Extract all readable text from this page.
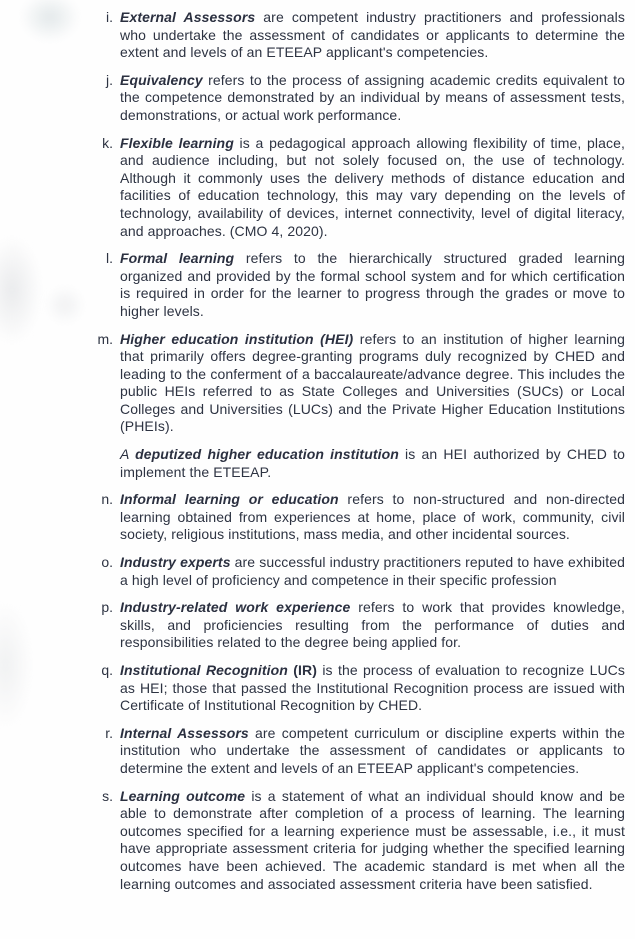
i. External Assessors are competent industry practitioners and professionals who undertake the assessment of candidates or applicants to determine the extent and levels of an ETEEAP applicant's competencies.

j. Equivalency refers to the process of assigning academic credits equivalent to the competence demonstrated by an individual by means of assessment tests, demonstrations, or actual work performance.

k. Flexible learning is a pedagogical approach allowing flexibility of time, place, and audience including, but not solely focused on, the use of technology. Although it commonly uses the delivery methods of distance education and facilities of education technology, this may vary depending on the levels of technology, availability of devices, internet connectivity, level of digital literacy, and approaches. (CMO 4, 2020).

l. Formal learning refers to the hierarchically structured graded learning organized and provided by the formal school system and for which certification is required in order for the learner to progress through the grades or move to higher levels.

m. Higher education institution (HEI) refers to an institution of higher learning that primarily offers degree-granting programs duly recognized by CHED and leading to the conferment of a baccalaureate/advance degree. This includes the public HEIs referred to as State Colleges and Universities (SUCs) or Local Colleges and Universities (LUCs) and the Private Higher Education Institutions (PHEIs).

A deputized higher education institution is an HEI authorized by CHED to implement the ETEEAP.

n. Informal learning or education refers to non-structured and non-directed learning obtained from experiences at home, place of work, community, civil society, religious institutions, mass media, and other incidental sources.

o. Industry experts are successful industry practitioners reputed to have exhibited a high level of proficiency and competence in their specific profession

p. Industry-related work experience refers to work that provides knowledge, skills, and proficiencies resulting from the performance of duties and responsibilities related to the degree being applied for.

q. Institutional Recognition (IR) is the process of evaluation to recognize LUCs as HEI; those that passed the Institutional Recognition process are issued with Certificate of Institutional Recognition by CHED.

r. Internal Assessors are competent curriculum or discipline experts within the institution who undertake the assessment of candidates or applicants to determine the extent and levels of an ETEEAP applicant's competencies.

s. Learning outcome is a statement of what an individual should know and be able to demonstrate after completion of a process of learning. The learning outcomes specified for a learning experience must be assessable, i.e., it must have appropriate assessment criteria for judging whether the specified learning outcomes have been achieved. The academic standard is met when all the learning outcomes and associated assessment criteria have been satisfied.
